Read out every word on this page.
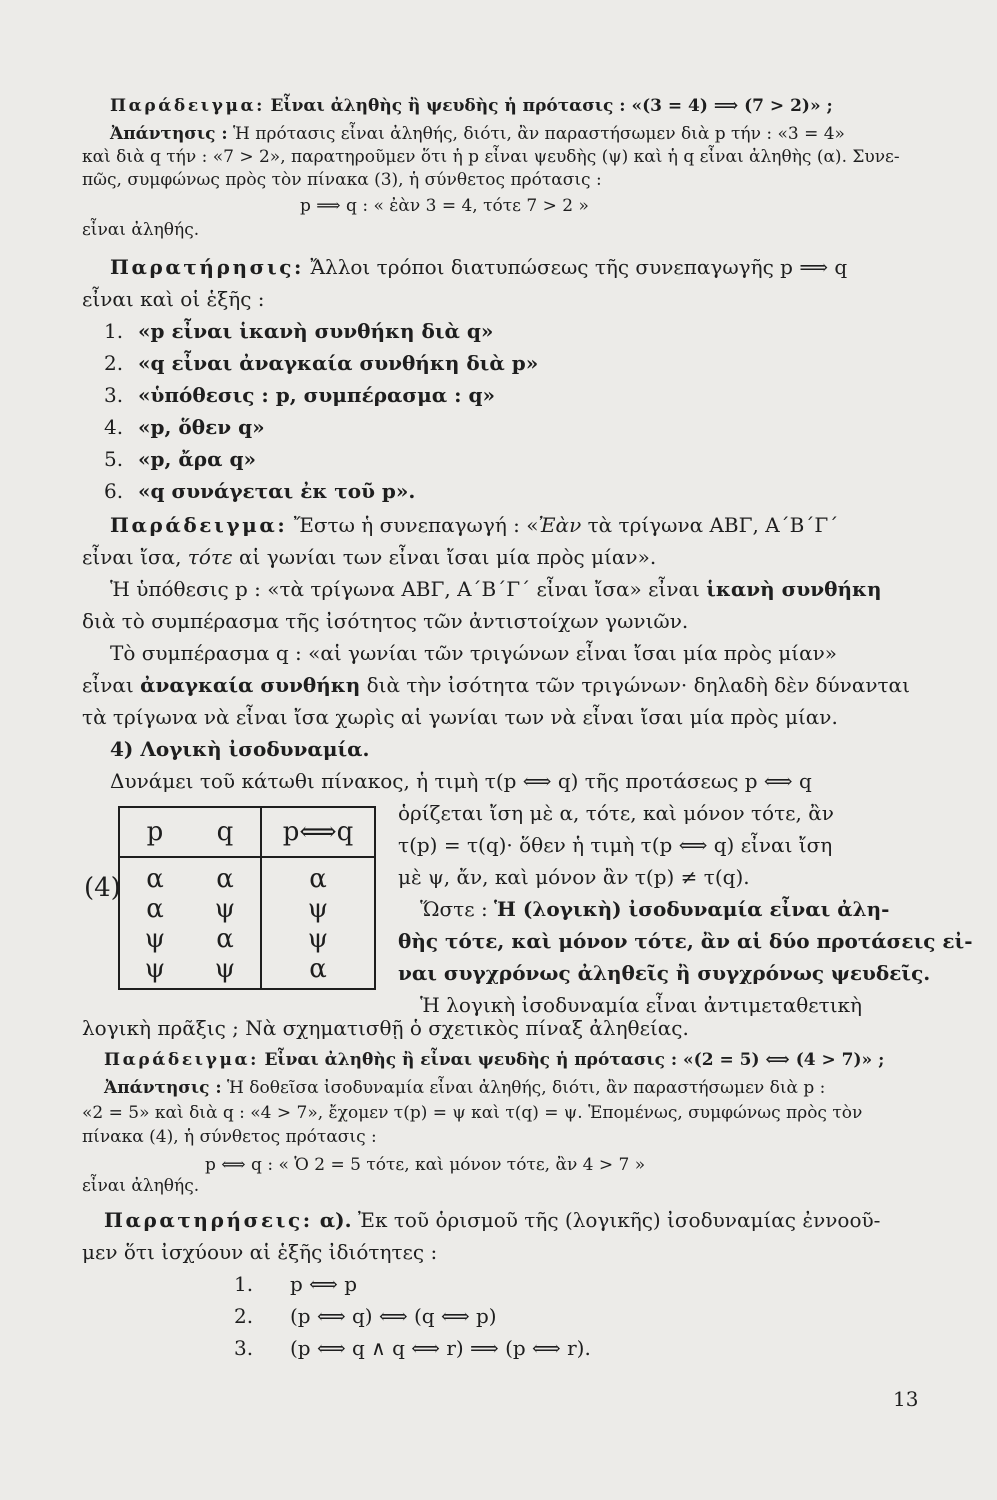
Παράδειγμα: Εἶναι ἀληθὴς ἢ ψευδὴς ἡ πρότασις : «(3 = 4) ⟹ (7 > 2)» ;
Ἀπάντησις : Ἡ πρότασις εἶναι ἀληθής, διότι, ἂν παραστήσωμεν διὰ p τήν : «3 = 4»
καὶ διὰ q τήν : «7 > 2», παρατηροῦμεν ὅτι ἡ p εἶναι ψευδὴς (ψ) καὶ ἡ q εἶναι ἀληθὴς (α). Συνε-
πῶς, συμφώνως πρὸς τὸν πίνακα (3), ἡ σύνθετος πρότασις :
p ⟹ q : « ἐὰν 3 = 4, τότε 7 > 2 »
εἶναι ἀληθής.
Παρατήρησις: Ἄλλοι τρόποι διατυπώσεως τῆς συνεπαγωγῆς p ⟹ q
εἶναι καὶ οἱ ἑξῆς :
1. «p εἶναι ἱκανὴ συνθήκη διὰ q»
2. «q εἶναι ἀναγκαία συνθήκη διὰ p»
3. «ὑπόθεσις : p, συμπέρασμα : q»
4. «p, ὅθεν q»
5. «p, ἄρα q»
6. «q συνάγεται ἐκ τοῦ p».
Παράδειγμα: Ἔστω ἡ συνεπαγωγή : «Ἐὰν τὰ τρίγωνα ΑΒΓ, Α΄Β΄Γ΄
εἶναι ἴσα, τότε αἱ γωνίαι των εἶναι ἴσαι μία πρὸς μίαν».
Ἡ ὑπόθεσις p : «τὰ τρίγωνα ΑΒΓ, Α΄Β΄Γ΄ εἶναι ἴσα» εἶναι ἱκανὴ συνθήκη
διὰ τὸ συμπέρασμα τῆς ἰσότητος τῶν ἀντιστοίχων γωνιῶν.
Τὸ συμπέρασμα q : «αἱ γωνίαι τῶν τριγώνων εἶναι ἴσαι μία πρὸς μίαν»
εἶναι ἀναγκαία συνθήκη διὰ τὴν ἰσότητα τῶν τριγώνων· δηλαδὴ δὲν δύνανται
τὰ τρίγωνα νὰ εἶναι ἴσα χωρὶς αἱ γωνίαι των νὰ εἶναι ἴσαι μία πρὸς μίαν.
4) Λογικὴ ἰσοδυναμία.
Δυνάμει τοῦ κάτωθι πίνακος, ἡ τιμὴ τ(p ⟺ q) τῆς προτάσεως p ⟺ q
(4)
p	q	p⟺q
α	α	α
α	ψ	ψ
ψ	α	ψ
ψ	ψ	α
ὁρίζεται ἴση μὲ α, τότε, καὶ μόνον τότε, ἂν
τ(p) = τ(q)· ὅθεν ἡ τιμὴ τ(p ⟺ q) εἶναι ἴση
μὲ ψ, ἄν, καὶ μόνον ἂν τ(p) ≠ τ(q).
Ὥστε : Ἡ (λογικὴ) ἰσοδυναμία εἶναι ἀλη-
θὴς τότε, καὶ μόνον τότε, ἂν αἱ δύο προτάσεις εἰ-
ναι συγχρόνως ἀληθεῖς ἢ συγχρόνως ψευδεῖς.
Ἡ λογικὴ ἰσοδυναμία εἶναι ἀντιμεταθετικὴ
λογικὴ πρᾶξις ; Νὰ σχηματισθῇ ὁ σχετικὸς πίναξ ἀληθείας.
Παράδειγμα: Εἶναι ἀληθὴς ἢ εἶναι ψευδὴς ἡ πρότασις : «(2 = 5) ⟺ (4 > 7)» ;
Ἀπάντησις : Ἡ δοθεῖσα ἰσοδυναμία εἶναι ἀληθής, διότι, ἂν παραστήσωμεν διὰ p :
«2 = 5» καὶ διὰ q : «4 > 7», ἔχομεν τ(p) = ψ καὶ τ(q) = ψ. Ἑπομένως, συμφώνως πρὸς τὸν
πίνακα (4), ἡ σύνθετος πρότασις :
p ⟺ q : « Ὁ 2 = 5 τότε, καὶ μόνον τότε, ἂν 4 > 7 »
εἶναι ἀληθής.
Παρατηρήσεις: α). Ἐκ τοῦ ὁρισμοῦ τῆς (λογικῆς) ἰσοδυναμίας ἐννοοῦ-
μεν ὅτι ἰσχύουν αἱ ἑξῆς ἰδιότητες :
1. p ⟺ p
2. (p ⟺ q) ⟺ (q ⟺ p)
3. (p ⟺ q ∧ q ⟺ r) ⟹ (p ⟺ r).
13
